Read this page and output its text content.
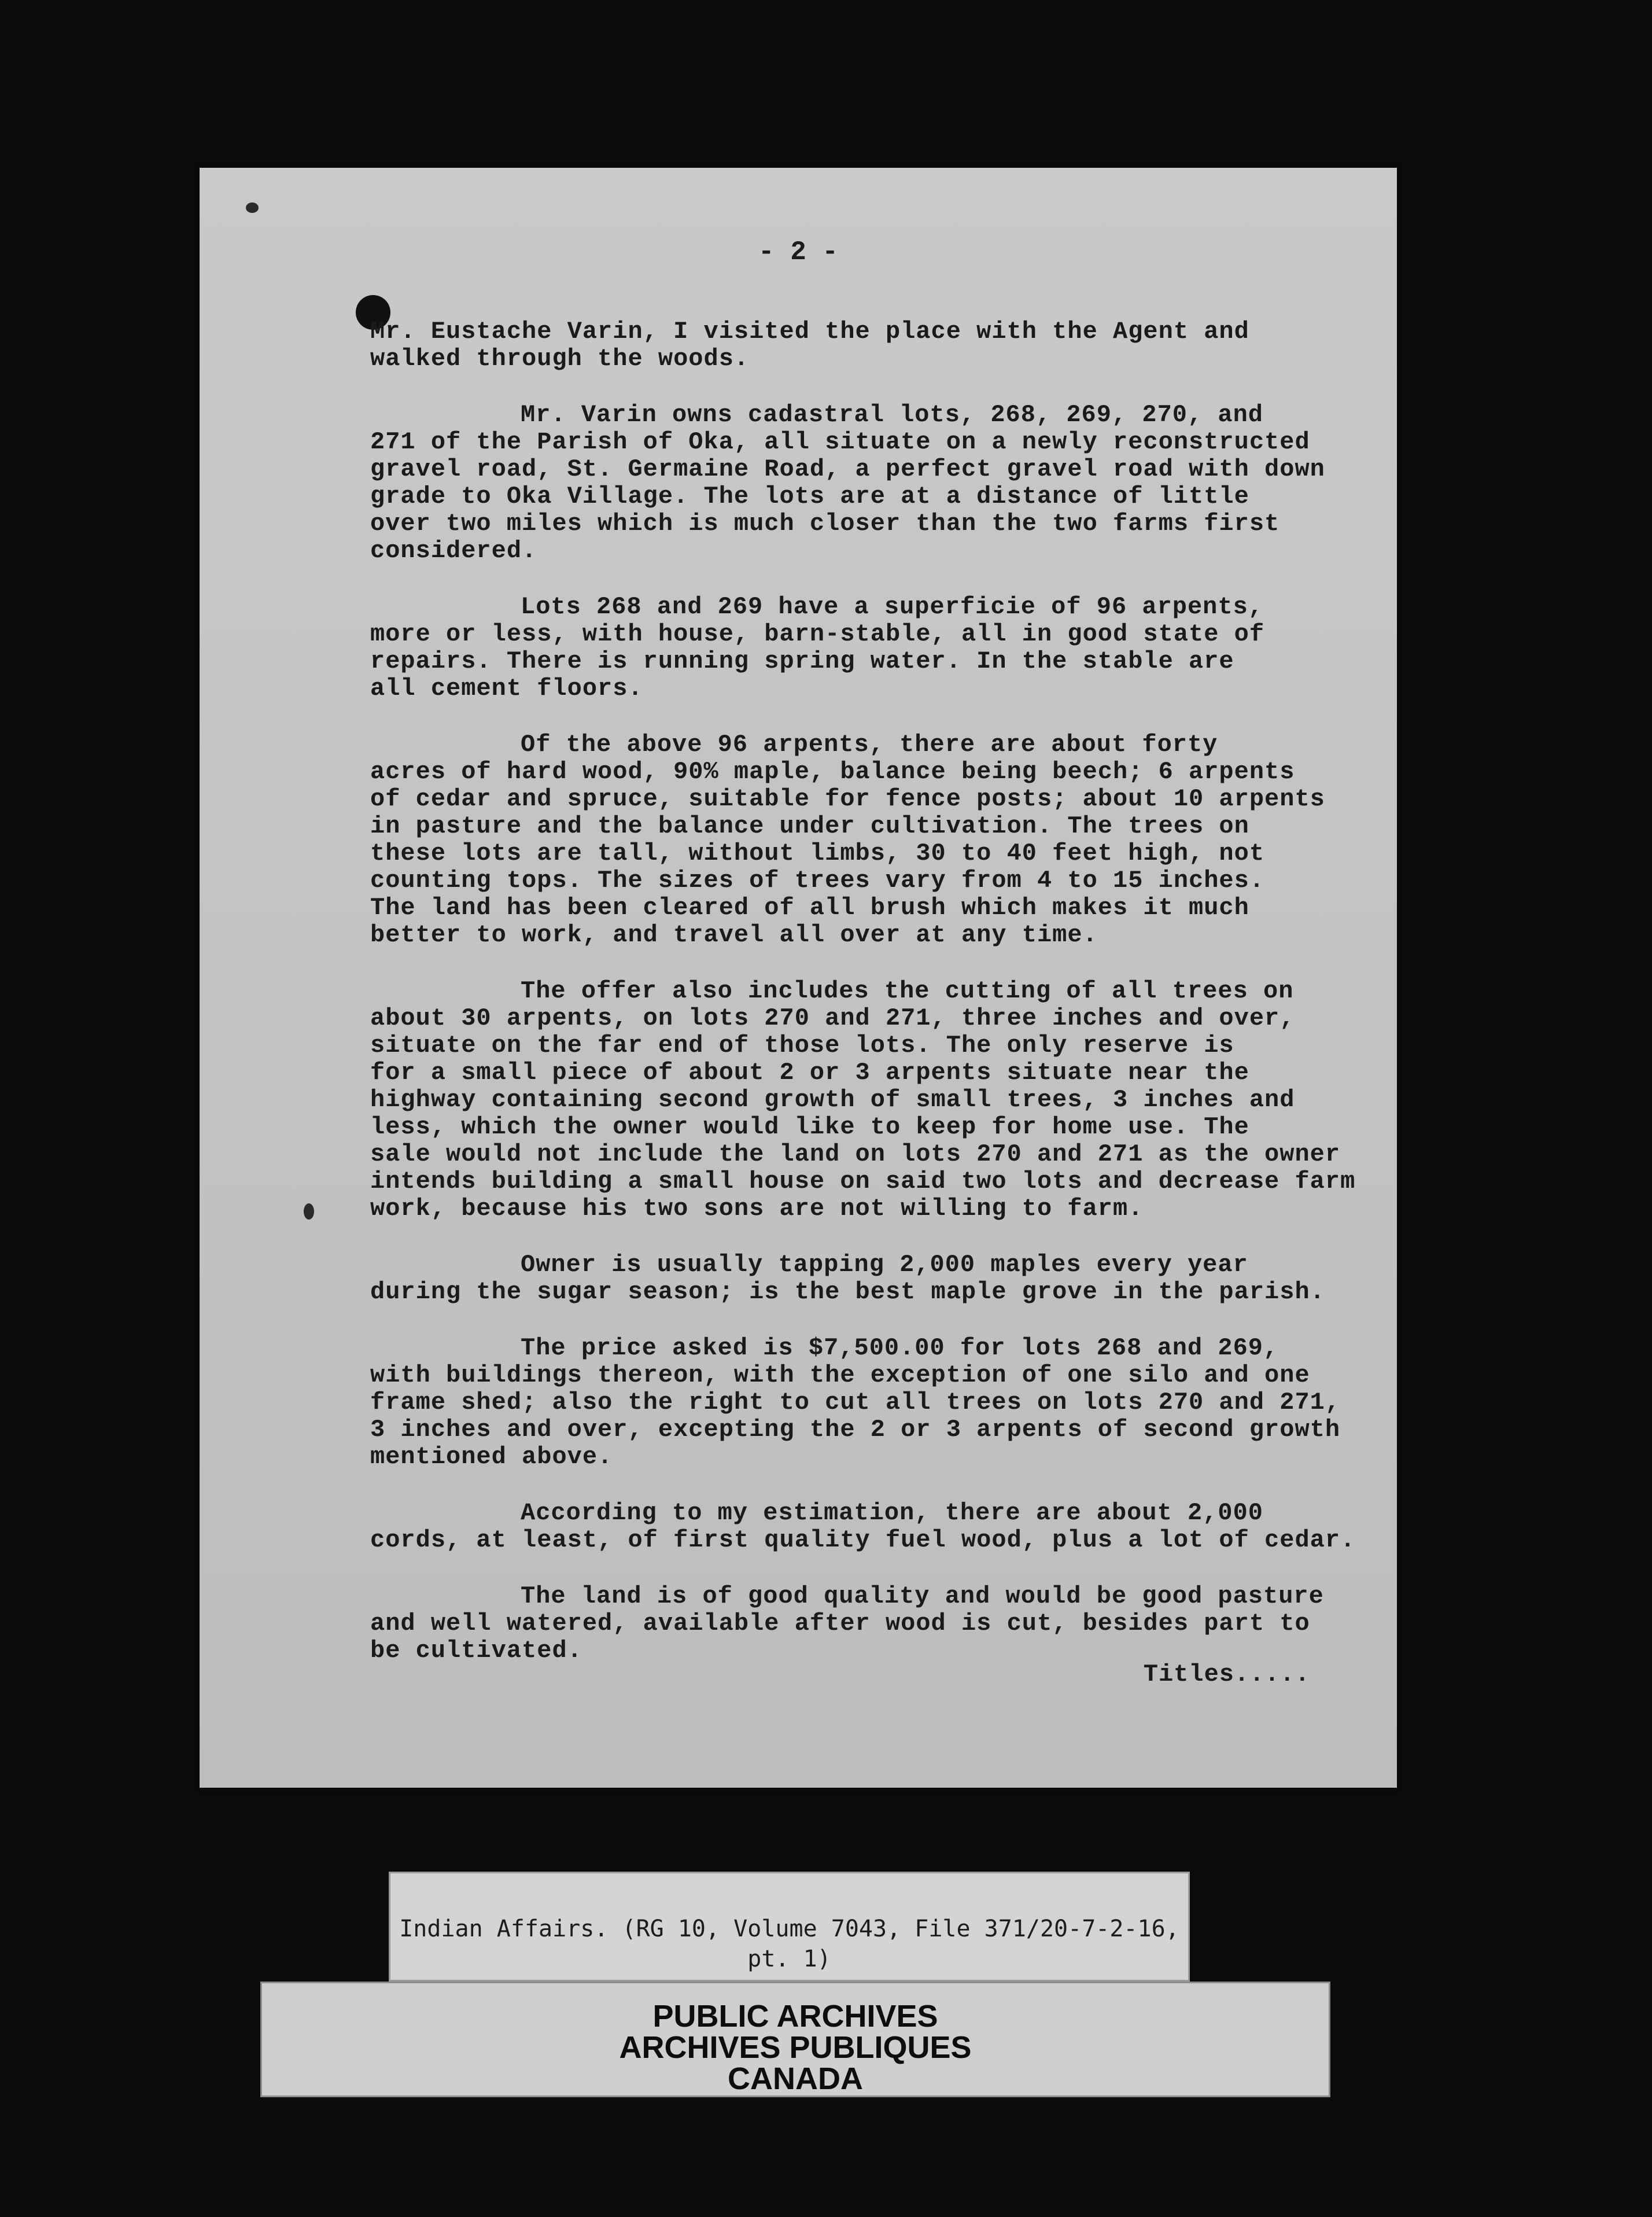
- 2 -

Mr. Eustache Varin, I visited the place with the Agent and
walked through the woods.

Mr. Varin owns cadastral lots, 268, 269, 270, and
271 of the Parish of Oka, all situate on a newly reconstructed
gravel road, St. Germaine Road, a perfect gravel road with down
grade to Oka Village. The lots are at a distance of little
over two miles which is much closer than the two farms first
considered.

Lots 268 and 269 have a superficie of 96 arpents,
more or less, with house, barn-stable, all in good state of
repairs. There is running spring water. In the stable are
all cement floors.

Of the above 96 arpents, there are about forty
acres of hard wood, 90% maple, balance being beech; 6 arpents
of cedar and spruce, suitable for fence posts; about 10 arpents
in pasture and the balance under cultivation. The trees on
these lots are tall, without limbs, 30 to 40 feet high, not
counting tops. The sizes of trees vary from 4 to 15 inches.
The land has been cleared of all brush which makes it much
better to work, and travel all over at any time.

The offer also includes the cutting of all trees on
about 30 arpents, on lots 270 and 271, three inches and over,
situate on the far end of those lots. The only reserve is
for a small piece of about 2 or 3 arpents situate near the
highway containing second growth of small trees, 3 inches and
less, which the owner would like to keep for home use. The
sale would not include the land on lots 270 and 271 as the owner
intends building a small house on said two lots and decrease farm
work, because his two sons are not willing to farm.

Owner is usually tapping 2,000 maples every year
during the sugar season; is the best maple grove in the parish.

The price asked is $7,500.00 for lots 268 and 269,
with buildings thereon, with the exception of one silo and one
frame shed; also the right to cut all trees on lots 270 and 271,
3 inches and over, excepting the 2 or 3 arpents of second growth
mentioned above.

According to my estimation, there are about 2,000
cords, at least, of first quality fuel wood, plus a lot of cedar.

The land is of good quality and would be good pasture
and well watered, available after wood is cut, besides part to
be cultivated.

Titles.....
Indian Affairs. (RG 10, Volume 7043, File 371/20-7-2-16,
pt. 1)
PUBLIC ARCHIVES
ARCHIVES PUBLIQUES
CANADA
